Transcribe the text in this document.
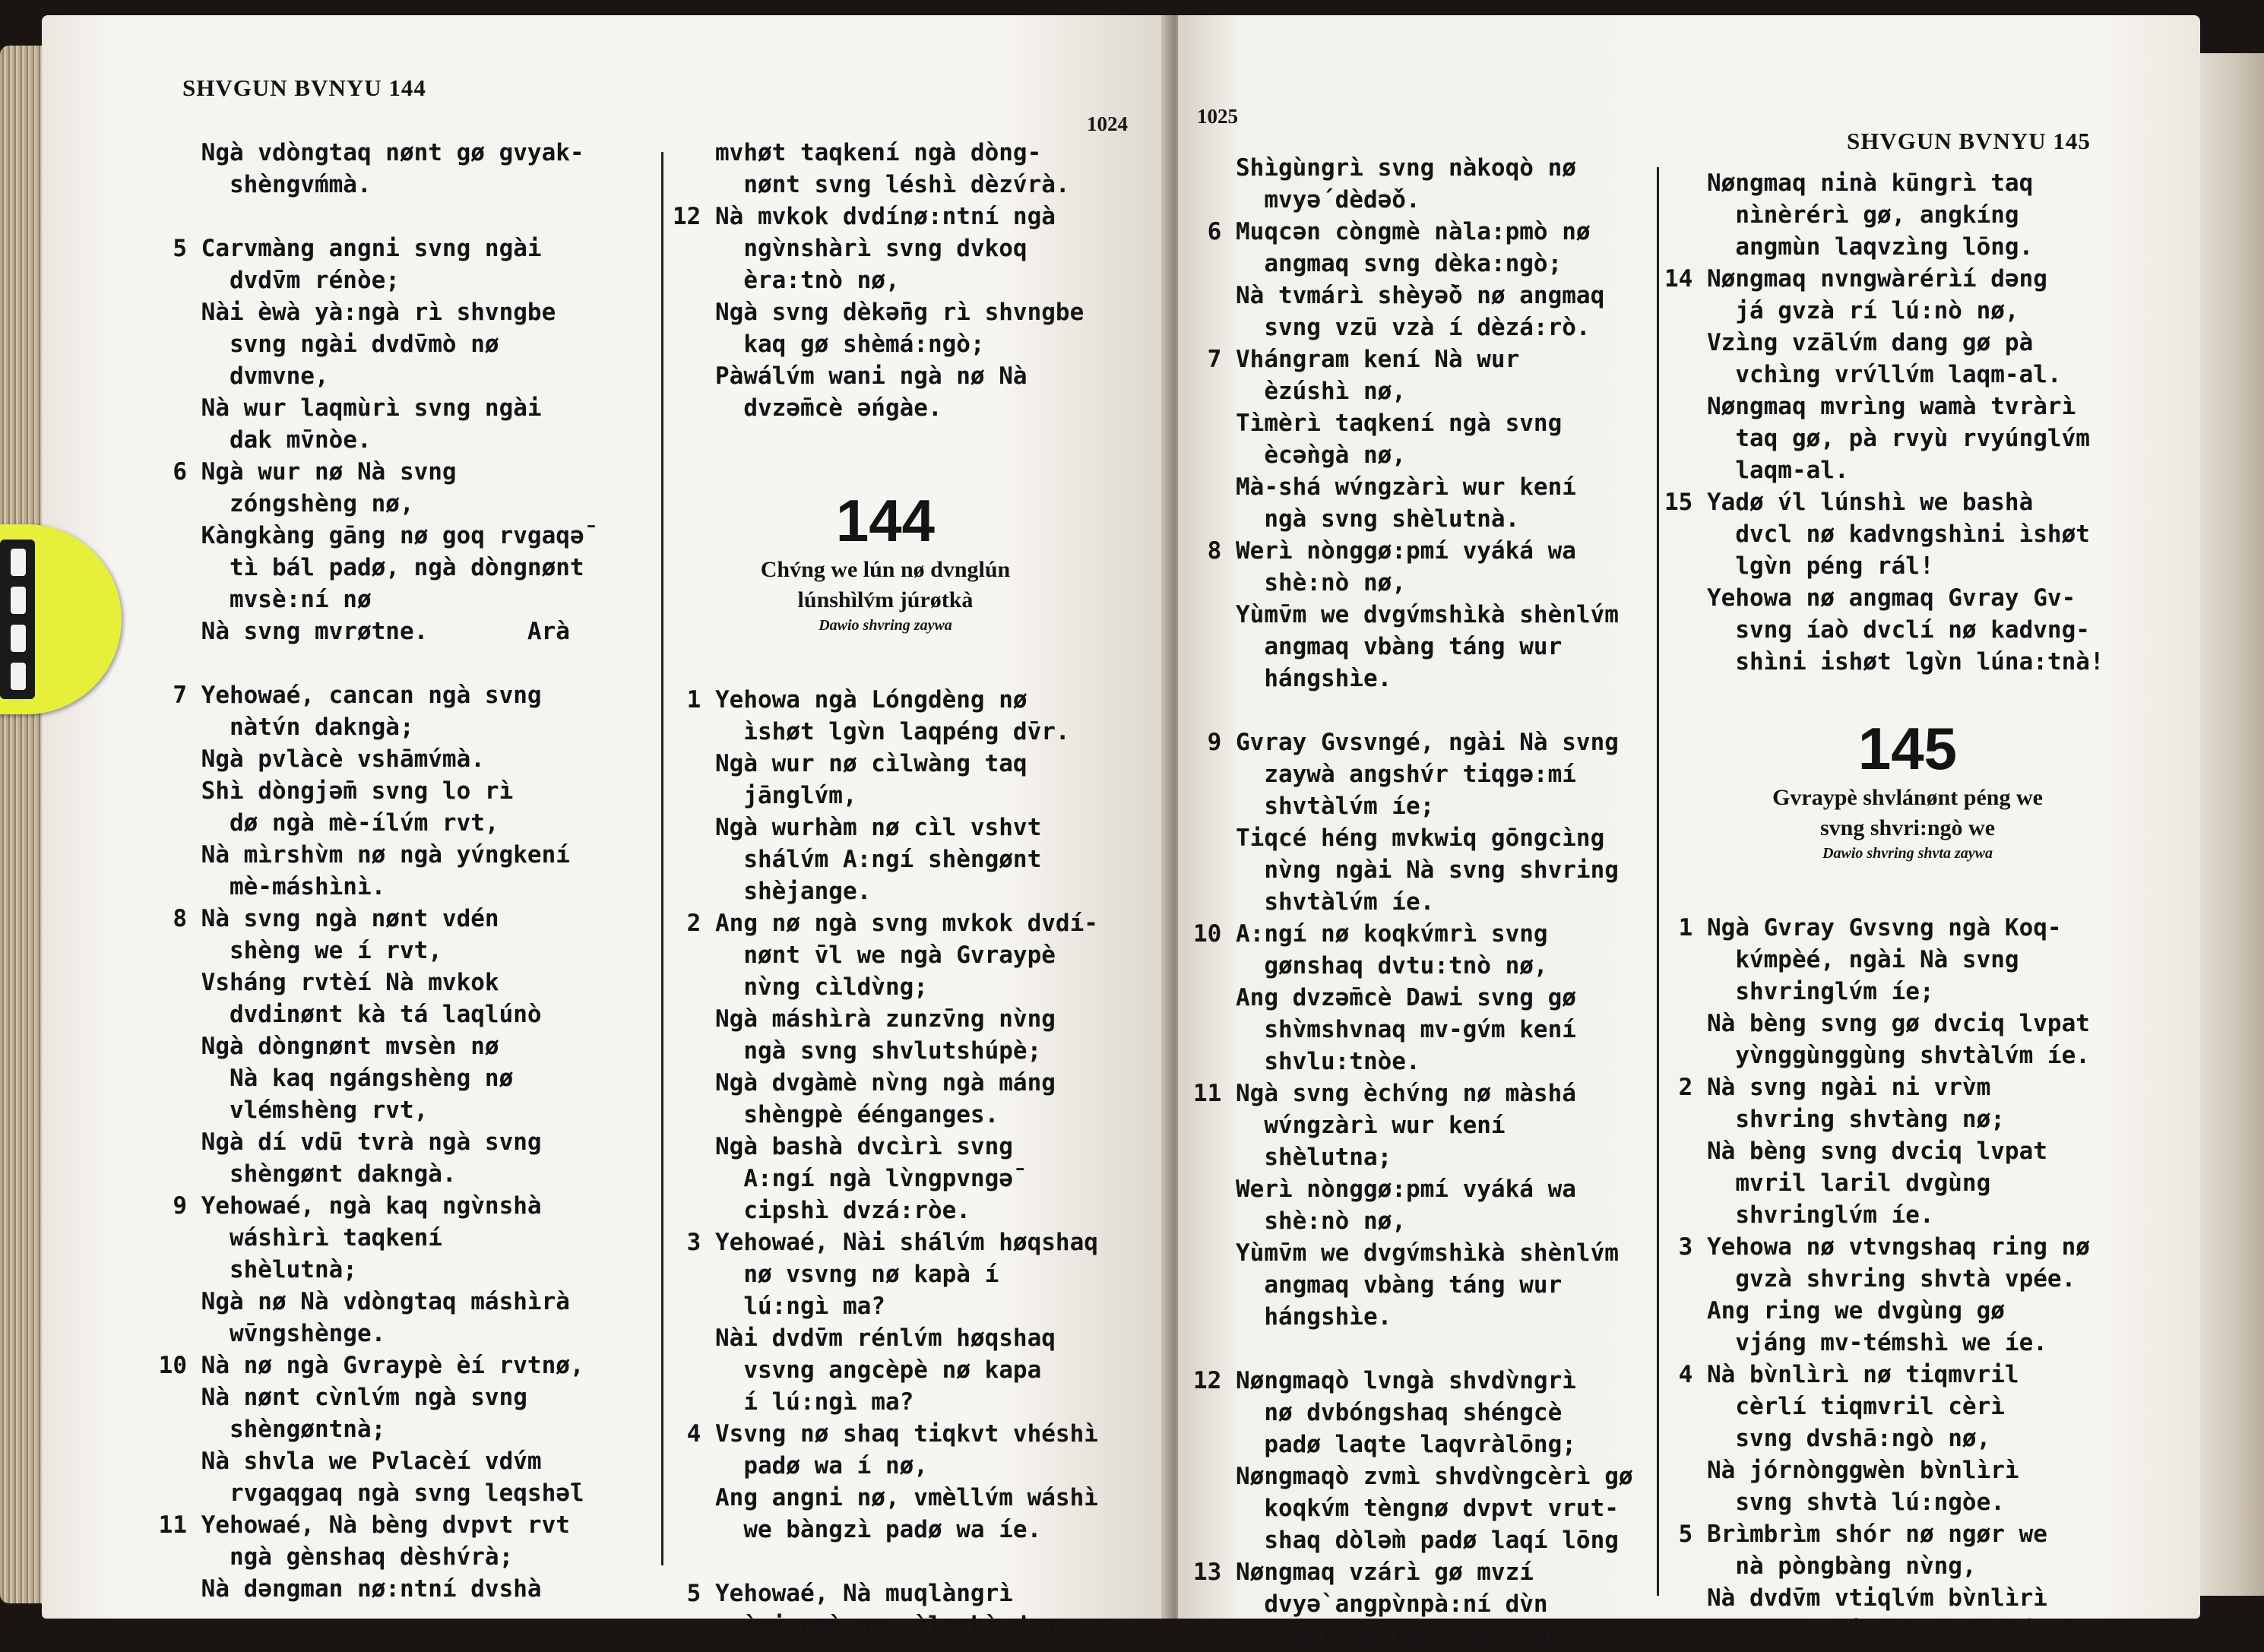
SHVGUN BVNYU 144
1024
Ngà vdòngtaq nønt gø gvyak-
shèngvḿmà.
5 Carvmàng angni svng ngài
dvdv̄m rénòe;
Nài èwà yà:ngà rì shvngbe
svng ngài dvdv̄mò nø
dvmvne,
Nà wur laqmùrì svng ngài
dak mv̄nòe.
6 Ngà wur nø Nà svng
zóngshèng nø,
Kàngkàng gāng nø goq rvgaqə̄
tì bál padø, ngà dòngnønt
mvsè:ní nø
Nà svng mvrøtne.       Arà
7 Yehowaé, cancan ngà svng
nàtv́n dakngà;
Ngà pvlàcè vshāmv́mà.
Shì dòngjə̄m svng lo rì
dø ngà mè-ílv́m rvt,
Nà mìrshv̀m nø ngà yv́ngkení
mè-máshìnì.
8 Nà svng ngà nønt vdén
shèng we í rvt,
Vsháng rvtèí Nà mvkok
dvdinønt kà tá laqlúnò
Ngà dòngnønt mvsèn nø
Nà kaq ngángshèng nø
vlémshèng rvt,
Ngà dí vdū tvrà ngà svng
shèngønt dakngà.
9 Yehowaé, ngà kaq ngv̀nshà
wáshìrì taqkení
shèlutnà;
Ngà nø Nà vdòngtaq máshìrà
wv̄ngshènge.
10 Nà nø ngà Gvraypè èí rvtnø,
Nà nønt cv̀nlv́m ngà svng
shèngøntnà;
Nà shvla we Pvlacèí vdv́m
rvgaqgaq ngà svng leqshə̄l
11 Yehowaé, Nà bèng dvpvt rvt
ngà gènshaq dèshv́rà;
Nà dəngman nø:ntní dvshà
mvhøt taqkení ngà dòng-
nønt svng léshì dèzv́rà.
12 Nà mvkok dvdínø:ntní ngà
ngv̀nshàrì svng dvkoq
èra:tnò nø,
Ngà svng dèkə̄ng rì shvngbe
kaq gø shèmá:ngò;
Pàwálv́m wani ngà nø Nà
dvzə̄mcè ə́ngàe.
144
Chv́ng we lún nø dvnglún
lúnshìlv́m júrøtkà
Dawio shvring zaywa
1 Yehowa ngà Lóngdèng nø
ìshøt lgv̀n laqpéng dv̄r.
Ngà wur nø cìlwàng taq
jānglv́m,
Ngà wurhàm nø cìl vshvt
shálv́m A:ngí shèngønt
shèjange.
2 Ang nø ngà svng mvkok dvdí-
nønt v̄l we ngà Gvraypè
nv̀ng cìldv̀ng;
Ngà máshìrà zunzv̄ng nv̀ng
ngà svng shvlutshúpè;
Ngà dvgàmè nv̀ng ngà máng
shèngpè éénganges.
Ngà bashà dvcìrì svng
A:ngí ngà lv̀ngpvngə̄
cipshì dvzá:ròe.
3 Yehowaé, Nài shálv́m høqshaq
nø vsvng nø kapà í
lú:ngì ma?
Nài dvdv̄m rénlv́m høqshaq
vsvng angcèpè nø kapa
í lú:ngì ma?
4 Vsvng nø shaq tiqkvt vhéshì
padø wa í nø,
Ang angni nø, vmèllv́m wáshì
we bàngzì padø wa íe.
5 Yehowaé, Nà muqlàngrì
èci:pmò nø, èlashì daq.
1025
SHVGUN BVNYU 145
Shìgùngrì svng nàkoqò nø
mvyə́ dèdə́ò.
6 Muqcən còngmè nàla:pmò nø
angmaq svng dèka:ngò;
Nà tvmárì shèyə̄ò nø angmaq
svng vzū vzà í dèzá:rò.
7 Vhángram kení Nà wur
èzúshì nø,
Tìmèrì taqkení ngà svng
ècə̀ngà nø,
Mà-shá wv́ngzàrì wur kení
ngà svng shèlutnà.
8 Werì nònggø:pmí vyáká wa
shè:nò nø,
Yùmv̄m we dvgv́mshìkà shènlv́m
angmaq vbàng táng wur
hángshìe.
9 Gvray Gvsvngé, ngài Nà svng
zaywà angshv́r tiqgə:mí
shvtàlv́m íe;
Tiqcé héng mvkwiq gōngcìng
nv̀ng ngài Nà svng shvring
shvtàlv́m íe.
10 A:ngí nø koqkv́mrì svng
gønshaq dvtu:tnò nø,
Ang dvzə̄mcè Dawi svng gø
shv̀mshvnaq mv-gv́m kení
shvlu:tnòe.
11 Ngà svng èchv́ng nø màshá
wv́ngzàrì wur kení
shèlutna;
Werì nònggø:pmí vyáká wa
shè:nò nø,
Yùmv̄m we dvgv́mshìkà shènlv́m
angmaq vbàng táng wur
hángshìe.
12 Nøngmaqò lvngà shvdv̀ngrì
nø dvbóngshaq shéngcè
padø laqte laqvràlōng;
Nøngmaqò zvmì shvdv̀ngcèrì gø
koqkv́m tèngnø dvpvt vrut-
shaq dòlə̀m padø laqí lōng
13 Nøngmaq vzárì gø mvzí
dvyə̀ angpv̀npà:ní dv̀n
vshøt nø laqzəng lōng;
Nøngmaq ninà kūngrì taq
nìnèrérì gø, angkíng
angmùn laqvzìng lōng.
14 Nøngmaq nvngwàrérìí dəng
já gvzà rí lú:nò nø,
Vzìng vzālv́m dang gø pà
vchìng vrv́llv́m laqm-al.
Nøngmaq mvrìng wamà tvràrì
taq gø, pà rvyù rvyúnglv́m
laqm-al.
15 Yadø v́l lúnshì we bashà
dvcl nø kadvngshìni ìshøt
lgv̀n péng rál!
Yehowa nø angmaq Gvray Gv-
svng íaò dvclí nø kadvng-
shìni ishøt lgv̀n lúna:tnà!
145
Gvraypè shvlánønt péng we
svng shvri:ngò we
Dawio shvring shvta zaywa
1 Ngà Gvray Gvsvng ngà Koq-
kv́mpèé, ngài Nà svng
shvringlv́m íe;
Nà bèng svng gø dvciq lvpat
yv̀nggùnggùng shvtàlv́m íe.
2 Nà svng ngài ni vrv̀m
shvring shvtàng nø;
Nà bèng svng dvciq lvpat
mvril laril dvgùng
shvringlv́m íe.
3 Yehowa nø vtvngshaq ring nø
gvzà shvring shvtà vpée.
Ang ring we dvgùng gø
vjáng mv-témshì we íe.
4 Nà bv̀nlìrì nø tiqmvril
cèrlí tiqmvril cèrì
svng dvshā:ngò nø,
Nà jórnònggwèn bv̀nlìrì
svng shvtà lú:ngòe.
5 Brìmbrìm shór nø ngør we
nà pòngbàng nv̀ng,
Nà dvdv̄m vtiqlv́m bv̀nlìrì
svng ngài dak dvdv̄mlv́m íe
